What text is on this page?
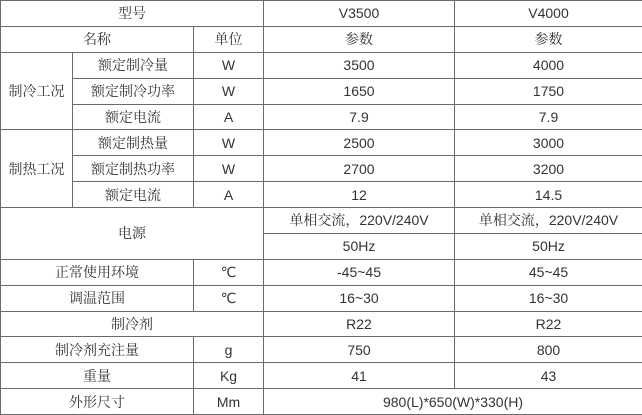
型号			V3500	V4000
名称		单位	参数	参数
制冷工况	额定制冷量	W	3500	4000
	额定制冷功率	W	1650	1750
	额定电流	A	7.9	7.9
制热工况	额定制热量	W	2500	3000
	额定制热功率	W	2700	3200
	额定电流	A	12	14.5
电源			单相交流，220V/240V	单相交流，220V/240V
			50Hz	50Hz
正常使用环境		℃	-45~45	45~45
调温范围		℃	16~30	16~30
制冷剂			R22	R22
制冷剂充注量		g	750	800
重量		Kg	41	43
外形尺寸		Mm	980(L)*650(W)*330(H)	
